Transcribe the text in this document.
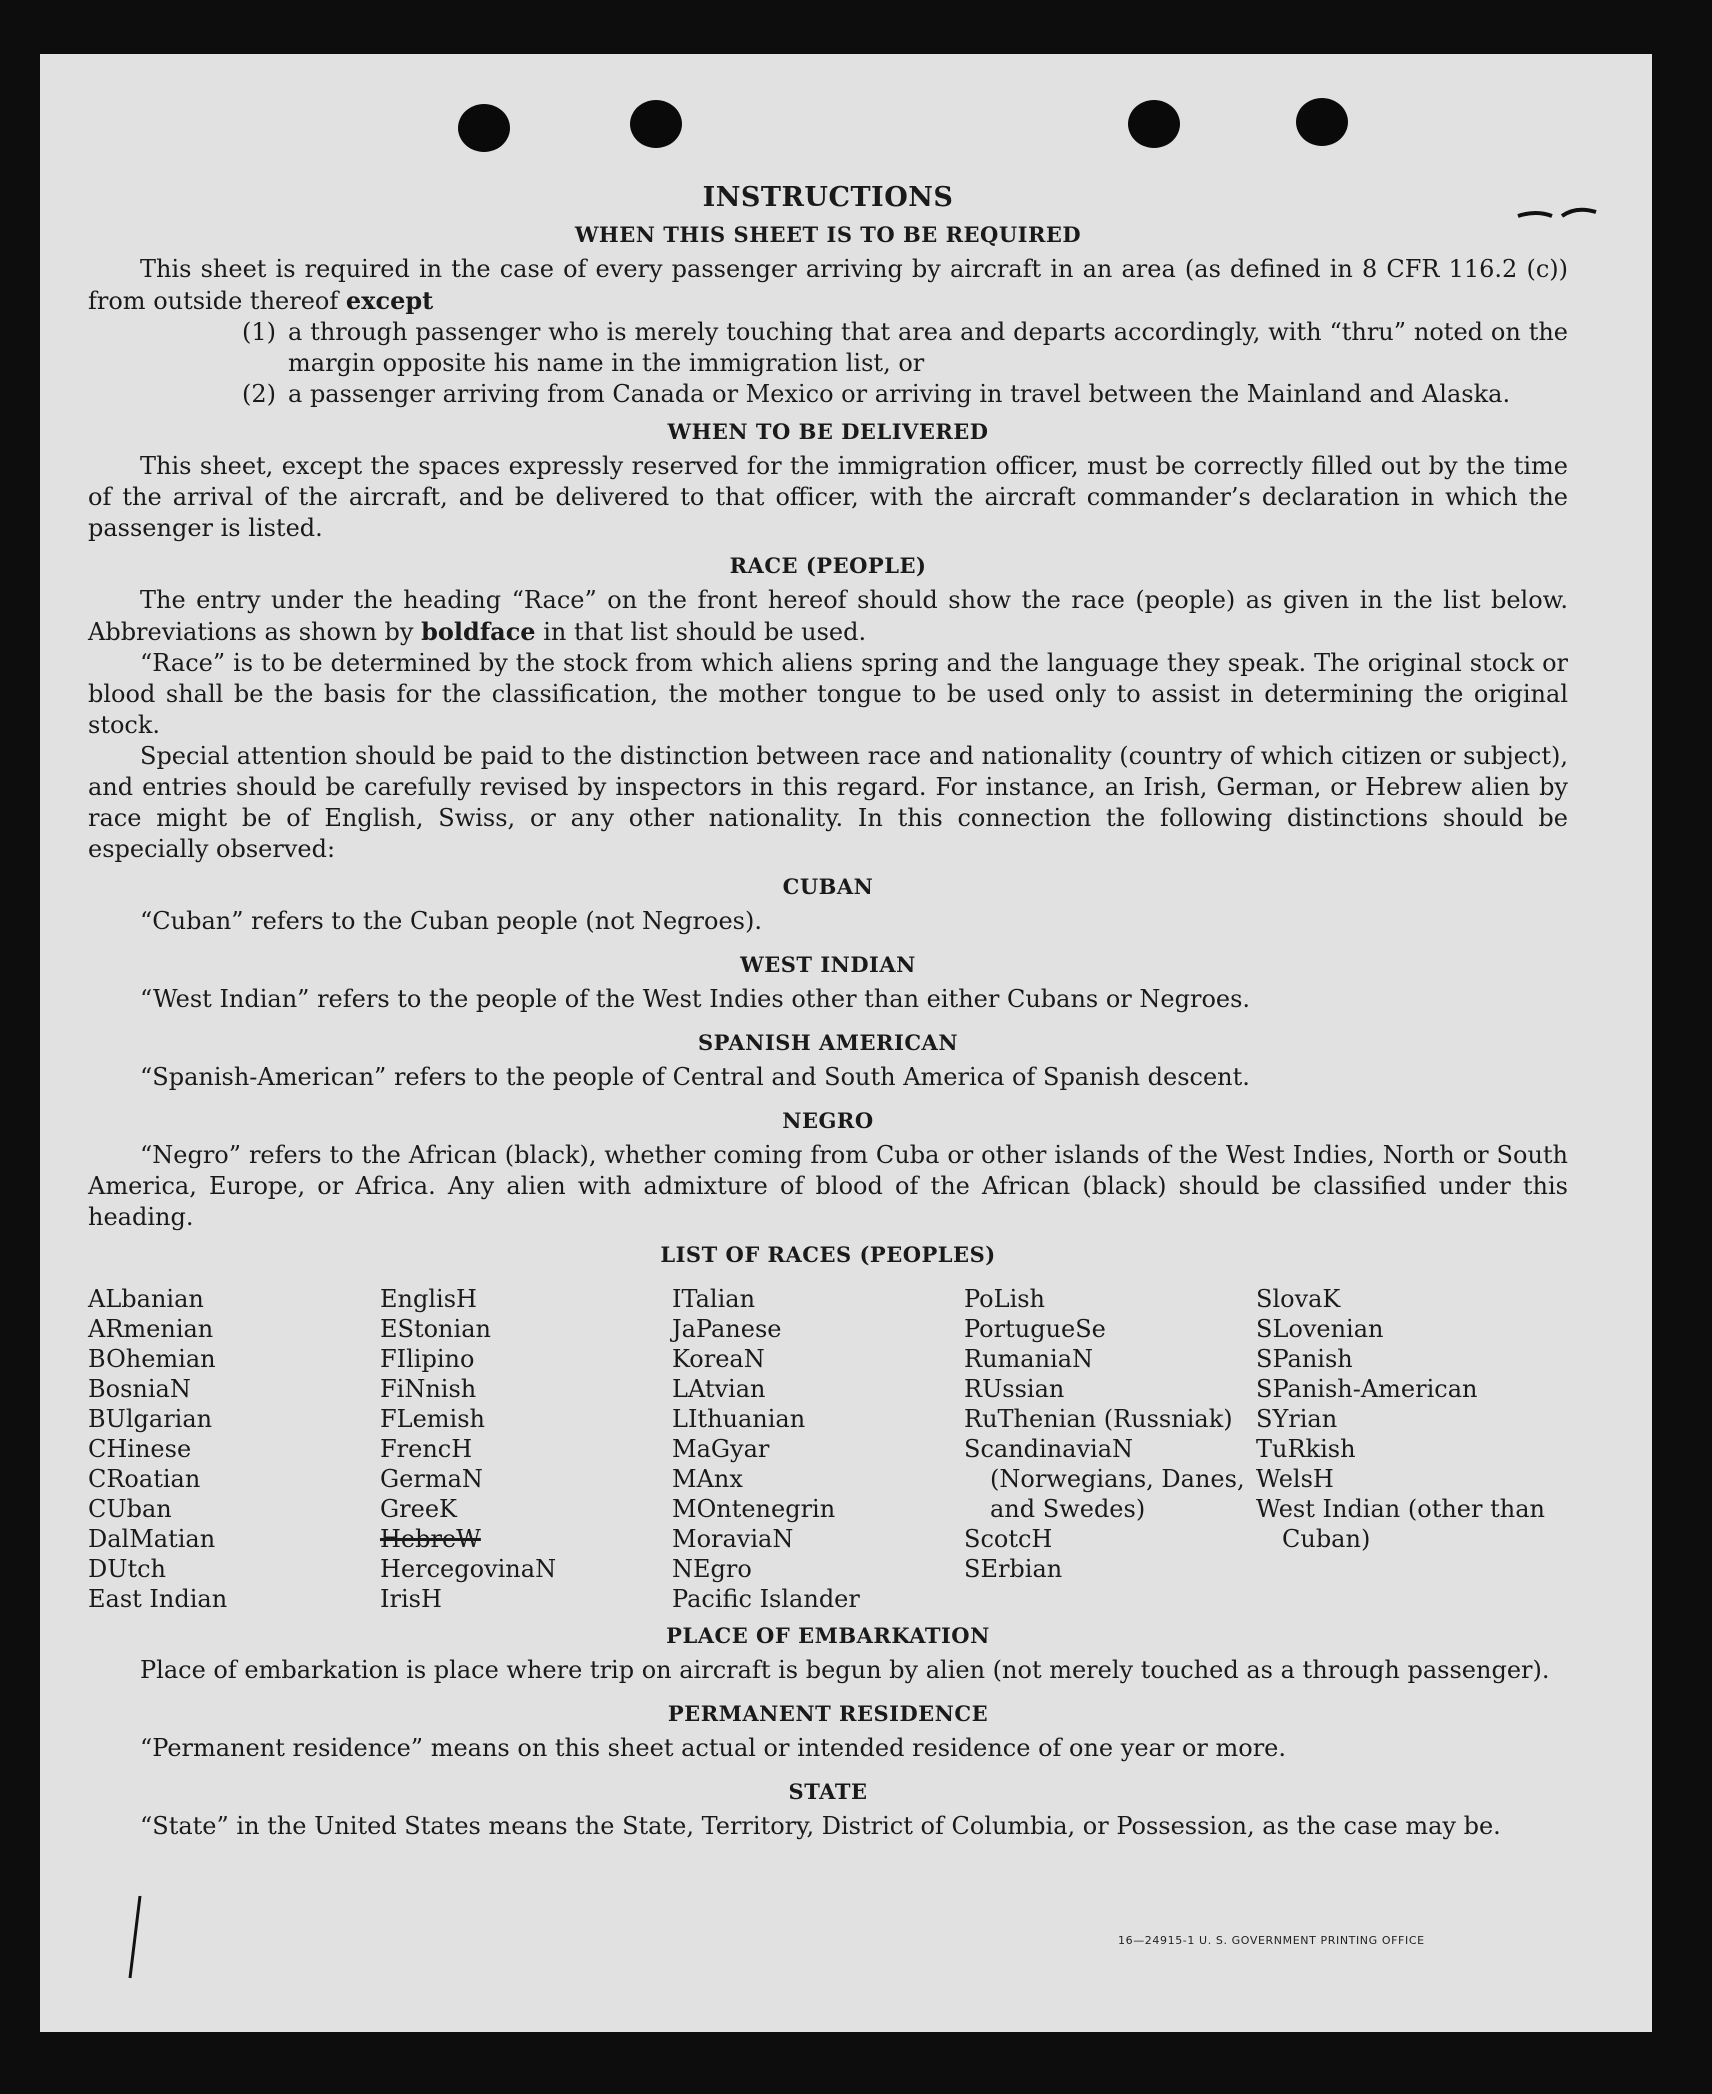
INSTRUCTIONS
WHEN THIS SHEET IS TO BE REQUIRED

This sheet is required in the case of every passenger arriving by aircraft in an area (as defined in 8 CFR 116.2 (c)) from outside thereof except

(1) a through passenger who is merely touching that area and departs accordingly, with “thru” noted on the margin opposite his name in the immigration list, or
(2) a passenger arriving from Canada or Mexico or arriving in travel between the Mainland and Alaska.
WHEN TO BE DELIVERED

This sheet, except the spaces expressly reserved for the immigration officer, must be correctly filled out by the time of the arrival of the aircraft, and be delivered to that officer, with the aircraft commander’s declaration in which the passenger is listed.

RACE (PEOPLE)

The entry under the heading “Race” on the front hereof should show the race (people) as given in the list below. Abbreviations as shown by boldface in that list should be used.

“Race” is to be determined by the stock from which aliens spring and the language they speak. The original stock or blood shall be the basis for the classification, the mother tongue to be used only to assist in determining the original stock.

Special attention should be paid to the distinction between race and nationality (country of which citizen or subject), and entries should be carefully revised by inspectors in this regard. For instance, an Irish, German, or Hebrew alien by race might be of English, Swiss, or any other nationality. In this connection the following distinctions should be especially observed:

CUBAN

“Cuban” refers to the Cuban people (not Negroes).

WEST INDIAN

“West Indian” refers to the people of the West Indies other than either Cubans or Negroes.

SPANISH AMERICAN

“Spanish-American” refers to the people of Central and South America of Spanish descent.

NEGRO

“Negro” refers to the African (black), whether coming from Cuba or other islands of the West Indies, North or South America, Europe, or Africa. Any alien with admixture of blood of the African (black) should be classified under this heading.

LIST OF RACES (PEOPLES)
ALbanian
ARmenian
BOhemian
BosniaN
BUlgarian
CHinese
CRoatian
CUban
DalMatian
DUtch
East Indian
EnglisH
EStonian
FIlipino
FiNnish
FLemish
FrencH
GermaN
GreeK
HebreW
HercegovinaN
IrisH
ITalian
JaPanese
KoreaN
LAtvian
LIthuanian
MaGyar
MAnx
MOntenegrin
MoraviaN
NEgro
Pacific Islander
PoLish
PortugueSe
RumaniaN
RUssian
RuThenian (Russniak)
ScandinaviaN (Norwegians, Danes, and Swedes)
ScotcH
SErbian
SlovaK
SLovenian
SPanish
SPanish-American
SYrian
TuRkish
WelsH
West Indian (other than Cuban)
PLACE OF EMBARKATION

Place of embarkation is place where trip on aircraft is begun by alien (not merely touched as a through passenger).

PERMANENT RESIDENCE

“Permanent residence” means on this sheet actual or intended residence of one year or more.

STATE

“State” in the United States means the State, Territory, District of Columbia, or Possession, as the case may be.

16—24915-1 U. S. GOVERNMENT PRINTING OFFICE
